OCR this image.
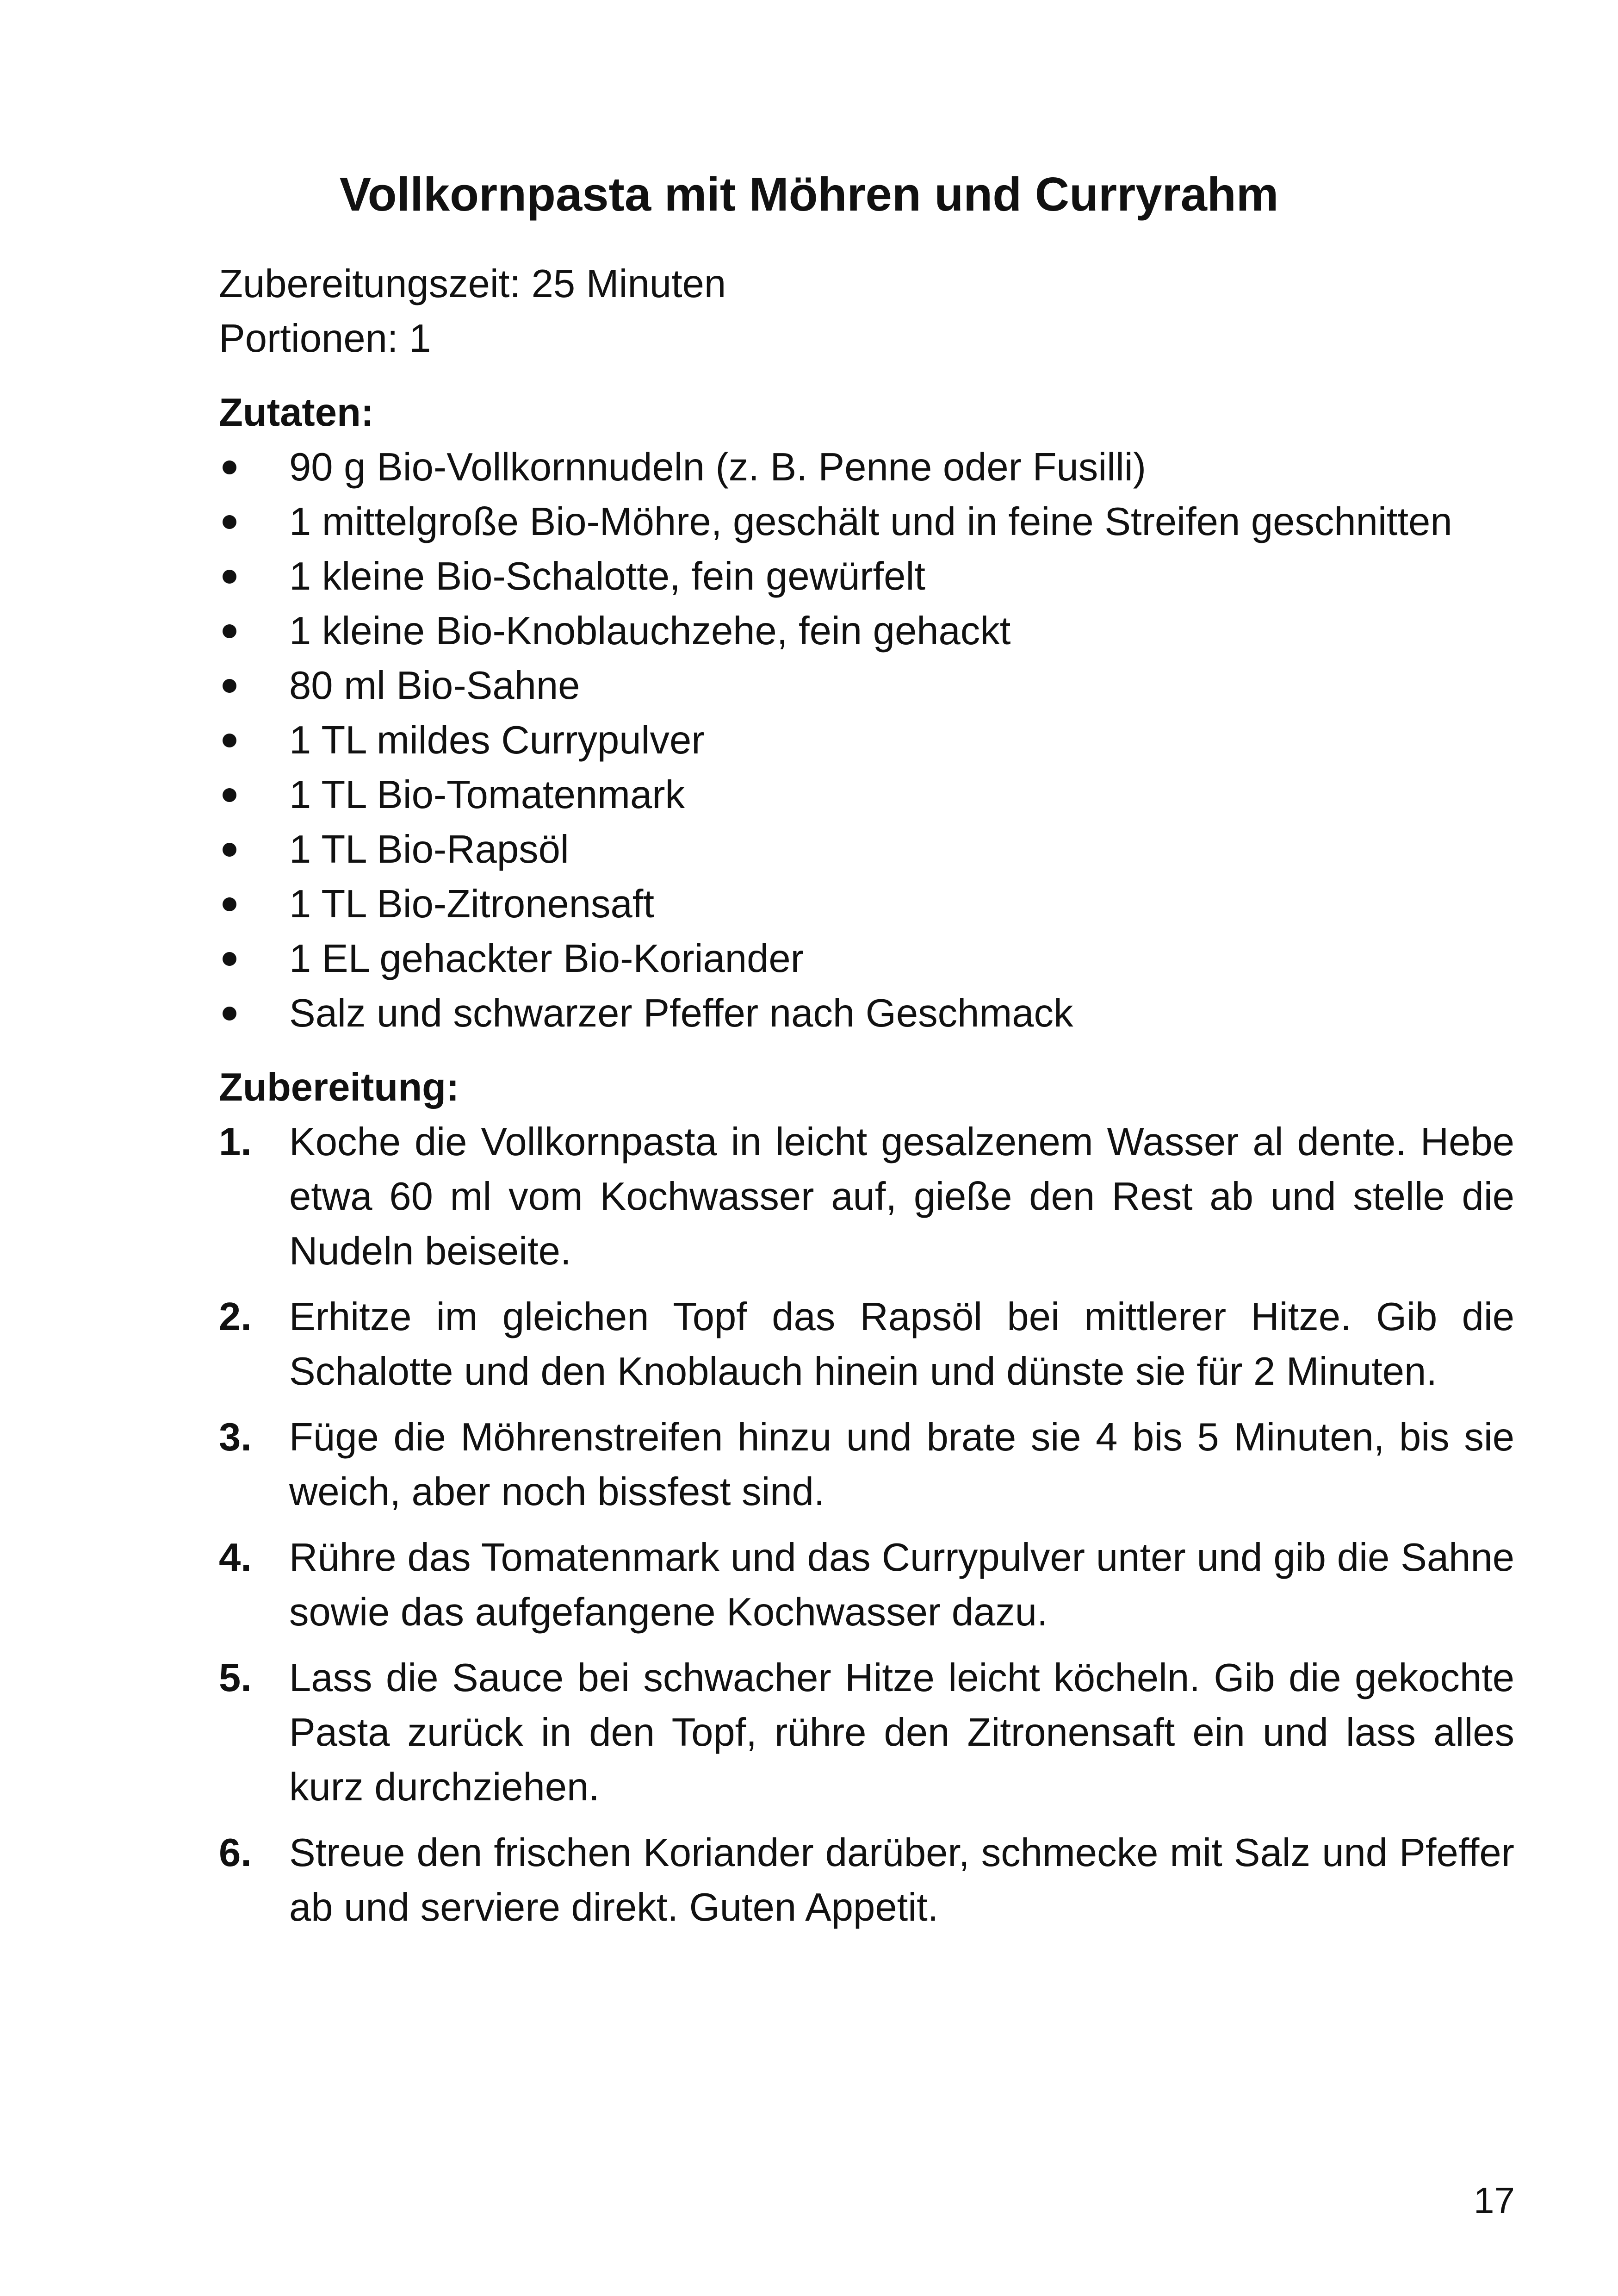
Vollkornpasta mit Möhren und Curryrahm

Zubereitungszeit: 25 Minuten

Portionen: 1

Zutaten:

90 g Bio-Vollkornnudeln (z. B. Penne oder Fusilli)
1 mittelgroße Bio-Möhre, geschält und in feine Streifen geschnitten
1 kleine Bio-Schalotte, fein gewürfelt
1 kleine Bio-Knoblauchzehe, fein gehackt
80 ml Bio-Sahne
1 TL mildes Currypulver
1 TL Bio-Tomatenmark
1 TL Bio-Rapsöl
1 TL Bio-Zitronensaft
1 EL gehackter Bio-Koriander
Salz und schwarzer Pfeffer nach Geschmack

Zubereitung:

1. Koche die Vollkornpasta in leicht gesalzenem Wasser al dente. Hebe etwa 60 ml vom Kochwasser auf, gieße den Rest ab und stelle die Nudeln beiseite.
2. Erhitze im gleichen Topf das Rapsöl bei mittlerer Hitze. Gib die Schalotte und den Knoblauch hinein und dünste sie für 2 Minuten.
3. Füge die Möhrenstreifen hinzu und brate sie 4 bis 5 Minuten, bis sie weich, aber noch bissfest sind.
4. Rühre das Tomatenmark und das Currypulver unter und gib die Sahne sowie das aufgefangene Kochwasser dazu.
5. Lass die Sauce bei schwacher Hitze leicht köcheln. Gib die gekochte Pasta zurück in den Topf, rühre den Zitronensaft ein und lass alles kurz durchziehen.
6. Streue den frischen Koriander darüber, schmecke mit Salz und Pfeffer ab und serviere direkt. Guten Appetit.
17
